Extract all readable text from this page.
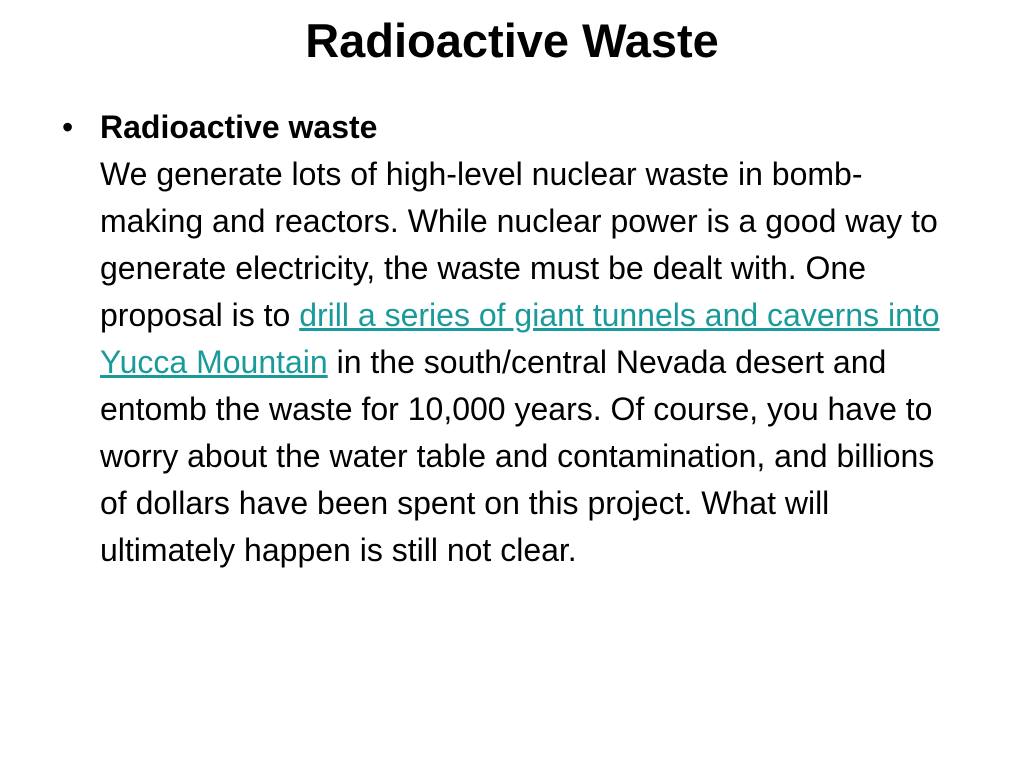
Radioactive Waste
• Radioactive waste
We generate lots of high-level nuclear waste in bomb-making and reactors. While nuclear power is a good way to generate electricity, the waste must be dealt with. One proposal is to drill a series of giant tunnels and caverns into Yucca Mountain in the south/central Nevada desert and entomb the waste for 10,000 years. Of course, you have to worry about the water table and contamination, and billions of dollars have been spent on this project. What will ultimately happen is still not clear.
